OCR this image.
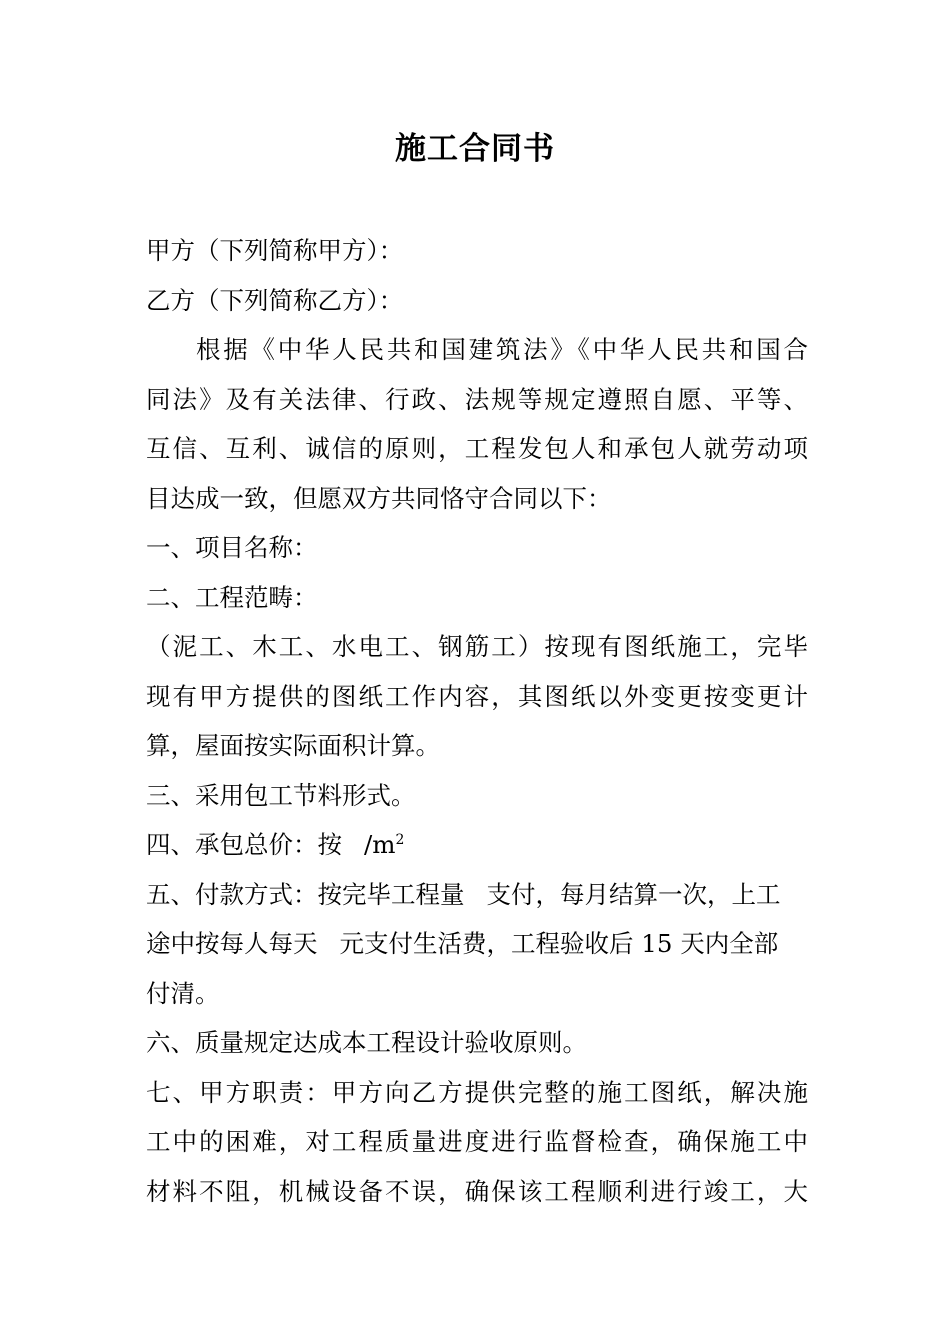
施工合同书
甲方（下列简称甲方）：
乙方（下列简称乙方）：
根据《中华人民共和国建筑法》《中华人民共和国合
同法》及有关法律、行政、法规等规定遵照自愿、平等、
互信、互利、诚信的原则，工程发包人和承包人就劳动项
目达成一致，但愿双方共同恪守合同以下：
一、项目名称：
二、工程范畴：
（泥工、木工、水电工、钢筋工）按现有图纸施工，完毕
现有甲方提供的图纸工作内容，其图纸以外变更按变更计
算，屋面按实际面积计算。
三、采用包工节料形式。
四、承包总价：按 $/m^2$
五、付款方式：按完毕工程量 支付，每月结算一次，上工
途中按每人每天 元支付生活费，工程验收后 15 天内全部
付清。
六、质量规定达成本工程设计验收原则。
七、甲方职责：甲方向乙方提供完整的施工图纸，解决施
工中的困难，对工程质量进度进行监督检查，确保施工中
材料不阻，机械设备不误，确保该工程顺利进行竣工，大
